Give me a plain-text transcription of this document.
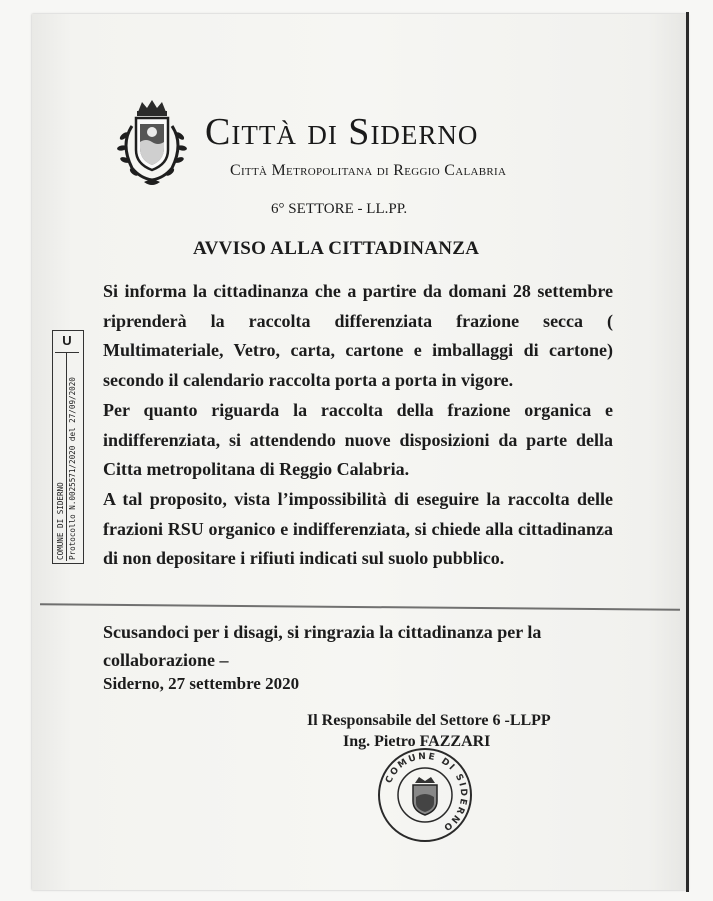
Città di Siderno
Città Metropolitana di Reggio Calabria
6° SETTORE - LL.PP.
AVVISO ALLA CITTADINANZA

Si informa la cittadinanza che a partire da domani 28 settembre riprenderà la raccolta differenziata frazione secca ( Multimateriale, Vetro, carta, cartone e imballaggi di cartone) secondo il calendario raccolta porta a porta in vigore.

Per quanto riguarda la raccolta della frazione organica e indifferenziata, si attendendo nuove disposizioni da parte della Citta metropolitana di Reggio Calabria.

A tal proposito, vista l’impossibilità di eseguire la raccolta delle frazioni RSU organico e indifferenziata, si chiede alla cittadinanza di non depositare i rifiuti indicati sul suolo pubblico.

Scusandoci per i disagi, si ringrazia la cittadinanza per la collaborazione –
Siderno, 27 settembre 2020
Il Responsabile del Settore 6 -LLPP
Ing. Pietro FAZZARI
COMUNE DI SIDERNO
U
COMUNE DI SIDERNO Protocollo N.0025571/2020 del 27/09/2020
